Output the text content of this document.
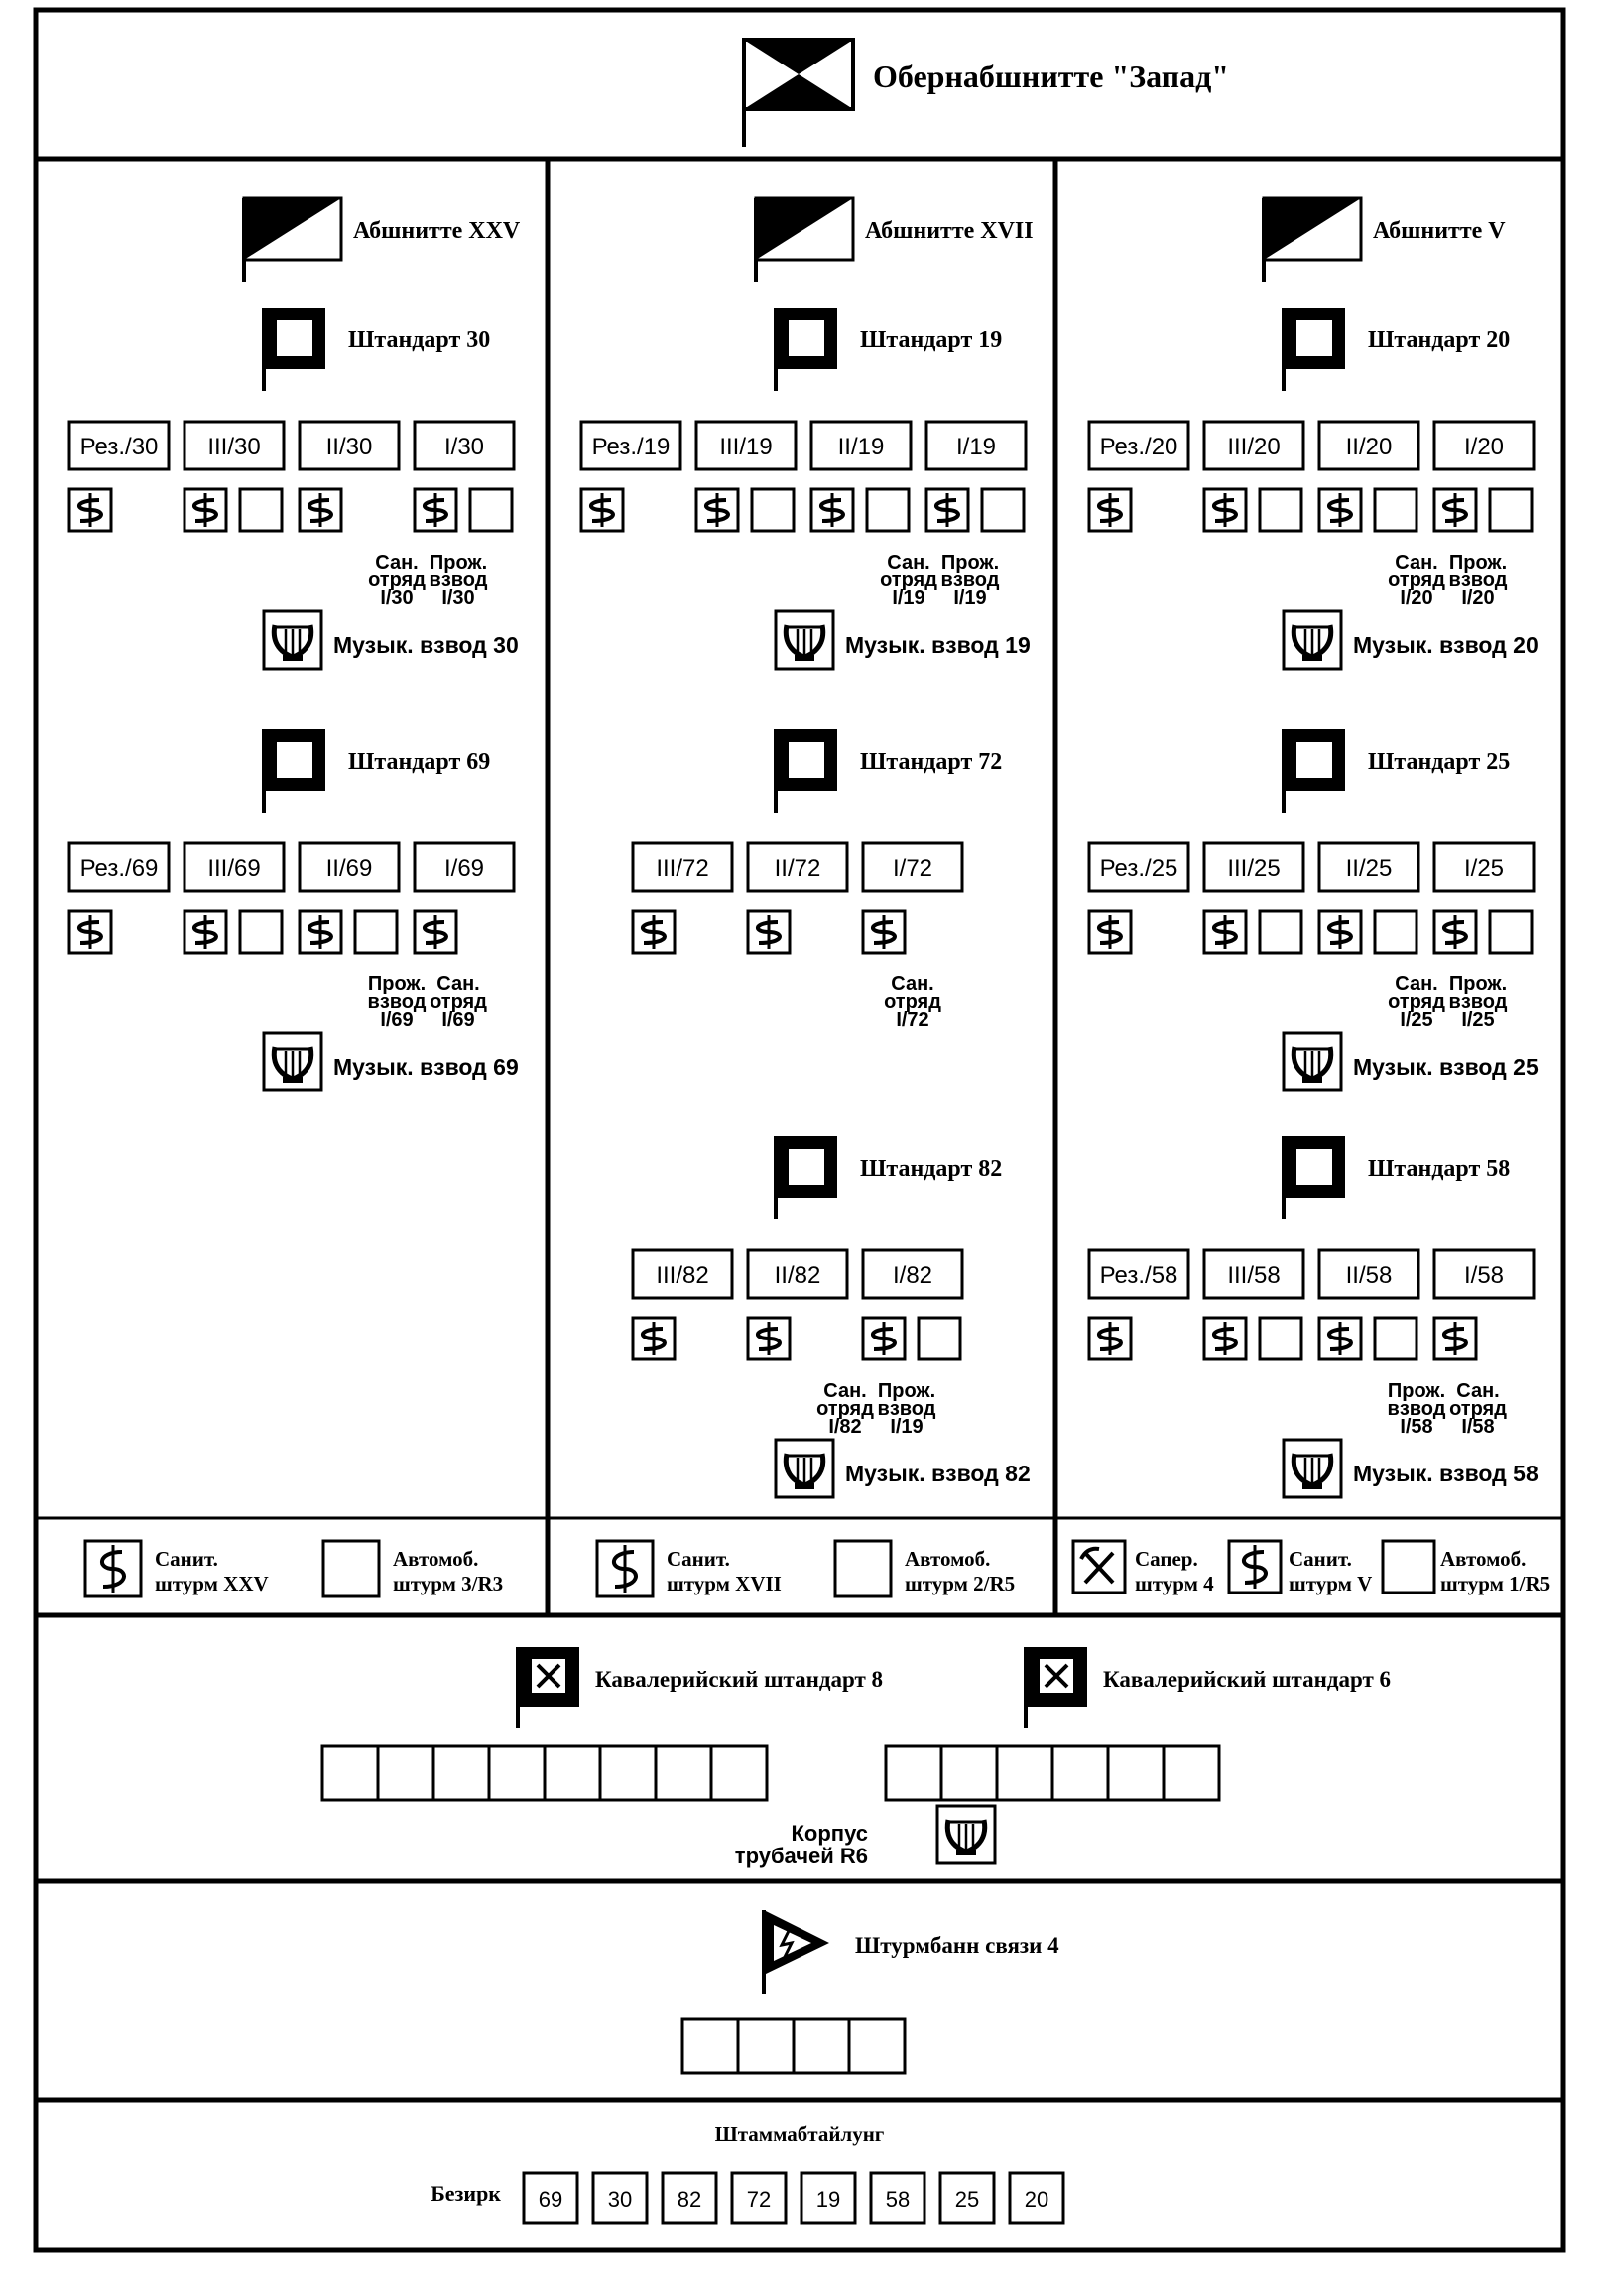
Обернабшнитте "Запад"
Абшнитте XXV
Штандарт 30
Рез./30 III/30	II/30	I/30
Сан.
отряд
I/30
Прож.
взвод
I/30
Музык. взвод 30
Штандарт 69
Рез./69 III/69	II/69	I/69
Прож.
взвод
I/69
Сан.
отряд
I/69
Музык. взвод 69
Санит.
штурм XXV
Автомоб.
штурм 3/R3
Абшнитте XVII
Штандарт 19
Рез./19 III/19	II/19	I/19
Сан.
отряд
I/19
Прож.
взвод
I/19
Музык. взвод 19
Штандарт 72
III/72	II/72	I/72
Сан.
отряд
I/72
Штандарт 82
III/82	II/82	I/82
Сан.
отряд
I/82
Прож.
взвод
I/19
Музык. взвод 82
Санит.
штурм XVII
Автомоб.
штурм 2/R5
Абшнитте V
Штандарт 20
Рез./20 III/20	II/20	I/20
Сан.
отряд
I/20
Прож.
взвод
I/20
Музык. взвод 20
Штандарт 25
Рез./25 III/25	II/25	I/25
Сан.
отряд
I/25
Прож.
взвод
I/25
Музык. взвод 25
Штандарт 58
Рез./58 III/58	II/58	I/58
Прож.
взвод
I/58
Сан.
отряд
I/58
Музык. взвод 58
Сапер.
штурм 4
Санит.
штурм V
Автомоб.
штурм 1/R5
Кавалерийский штандарт 8	Кавалерийский штандарт 6
Корпус
трубачей R6
Штурмбанн связи 4
Штаммабтайлунг
Безирк 69 30 82 72 19 58 25 20
